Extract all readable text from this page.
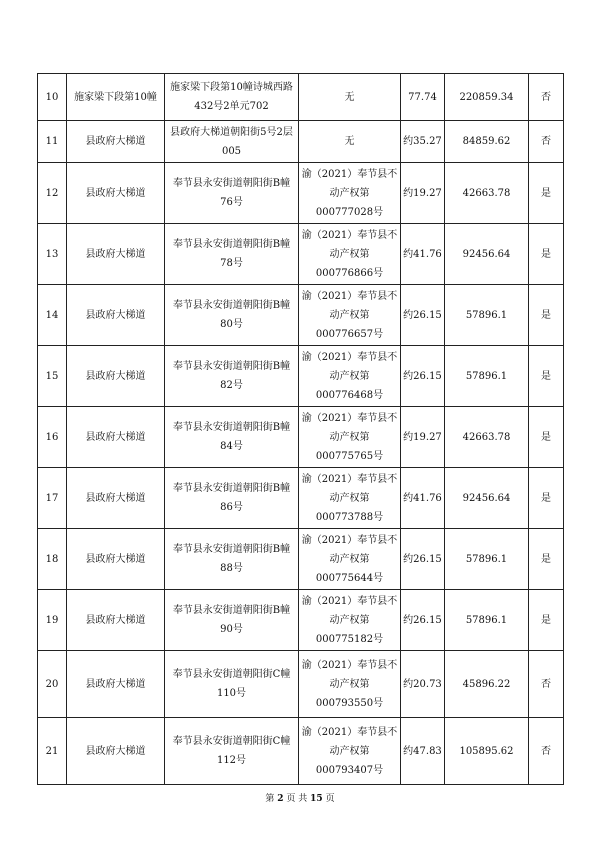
10	施家梁下段第10幢	施家梁下段第10幢诗城西路432号2单元702	无	77.74	220859.34	否
11	县政府大梯道	县政府大梯道朝阳街5号2层005	无	约35.27	84859.62	否
12	县政府大梯道	奉节县永安街道朝阳街B幢76号	渝（2021）奉节县不动产权第000777028号	约19.27	42663.78	是
13	县政府大梯道	奉节县永安街道朝阳街B幢78号	渝（2021）奉节县不动产权第000776866号	约41.76	92456.64	是
14	县政府大梯道	奉节县永安街道朝阳街B幢80号	渝（2021）奉节县不动产权第000776657号	约26.15	57896.1	是
15	县政府大梯道	奉节县永安街道朝阳街B幢82号	渝（2021）奉节县不动产权第000776468号	约26.15	57896.1	是
16	县政府大梯道	奉节县永安街道朝阳街B幢84号	渝（2021）奉节县不动产权第000775765号	约19.27	42663.78	是
17	县政府大梯道	奉节县永安街道朝阳街B幢86号	渝（2021）奉节县不动产权第000773788号	约41.76	92456.64	是
18	县政府大梯道	奉节县永安街道朝阳街B幢88号	渝（2021）奉节县不动产权第000775644号	约26.15	57896.1	是
19	县政府大梯道	奉节县永安街道朝阳街B幢90号	渝（2021）奉节县不动产权第000775182号	约26.15	57896.1	是
20	县政府大梯道	奉节县永安街道朝阳街C幢110号	渝（2021）奉节县不动产权第000793550号	约20.73	45896.22	否
21	县政府大梯道	奉节县永安街道朝阳街C幢112号	渝（2021）奉节县不动产权第000793407号	约47.83	105895.62	否
第 2 页 共 15 页
